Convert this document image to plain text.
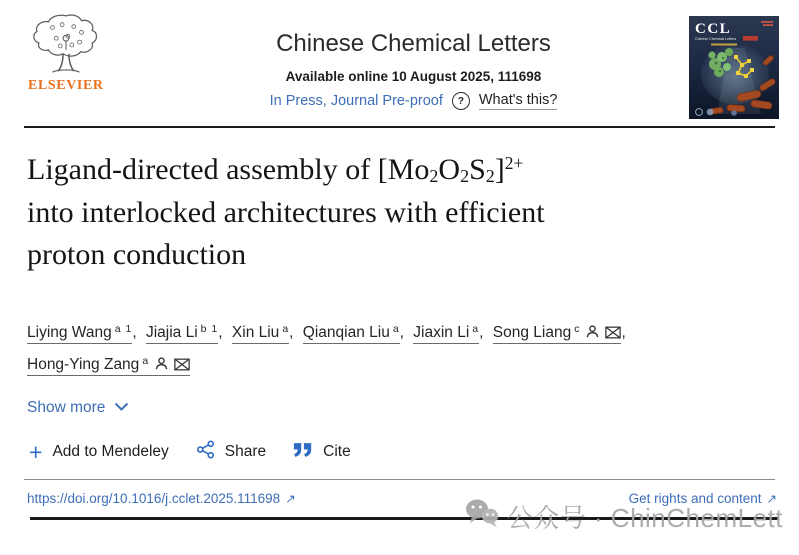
ELSEVIER
Chinese Chemical Letters
Available online 10 August 2025, 111698
In Press, Journal Pre-proof	?	What's this?
CCL
Chinese Chemical Letters
Ligand-directed assembly of $[Mo_2O_2S_2]^{2+}$
into interlocked architectures with efficient
proton conduction
Liying Wang $^{a 1}$, Jiajia Li $^{b 1}$, Xin Liu $^a$, Qianqian Liu $^a$, Jiaxin Li $^a$, Song Liang $^c$	,
Hong-Ying Zang $^a$
Show more
+ Add to Mendeley	Share	Cite
https://doi.org/10.1016/j.cclet.2025.111698 ↗	Get rights and content ↗
公众号 · ChinChemLett
